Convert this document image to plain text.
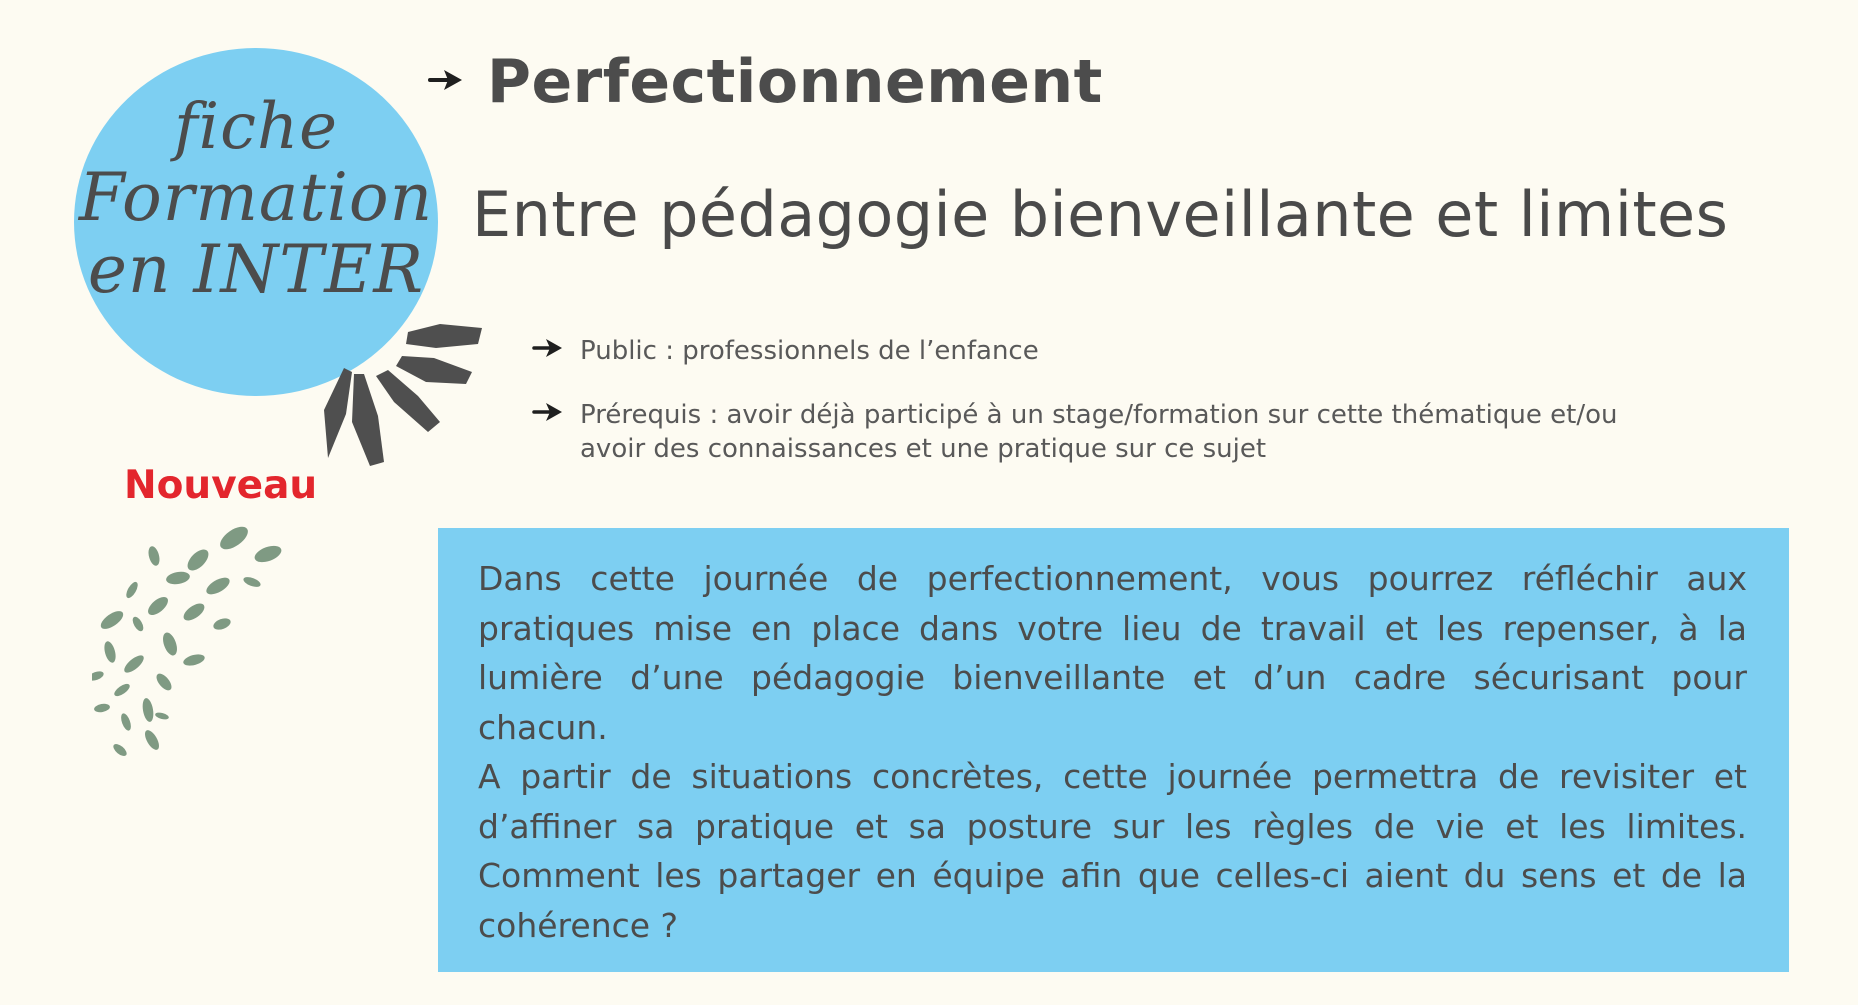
fiche
Formation
en INTER
Nouveau
Perfectionnement
Entre pédagogie bienveillante et limites
Public : professionnels de l’enfance
Prérequis : avoir déjà participé à un stage/formation sur cette thématique et/ou
avoir des connaissances et une pratique sur ce sujet

Dans cette journée de perfectionnement, vous pourrez réfléchir aux pratiques mise en place dans votre lieu de travail et les repenser, à la lumière d’une pédagogie bienveillante et d’un cadre sécurisant pour chacun.

A partir de situations concrètes, cette journée permettra de revisiter et d’affiner sa pratique et sa posture sur les règles de vie et les limites. Comment les partager en équipe afin que celles-ci aient du sens et de la cohérence ?
